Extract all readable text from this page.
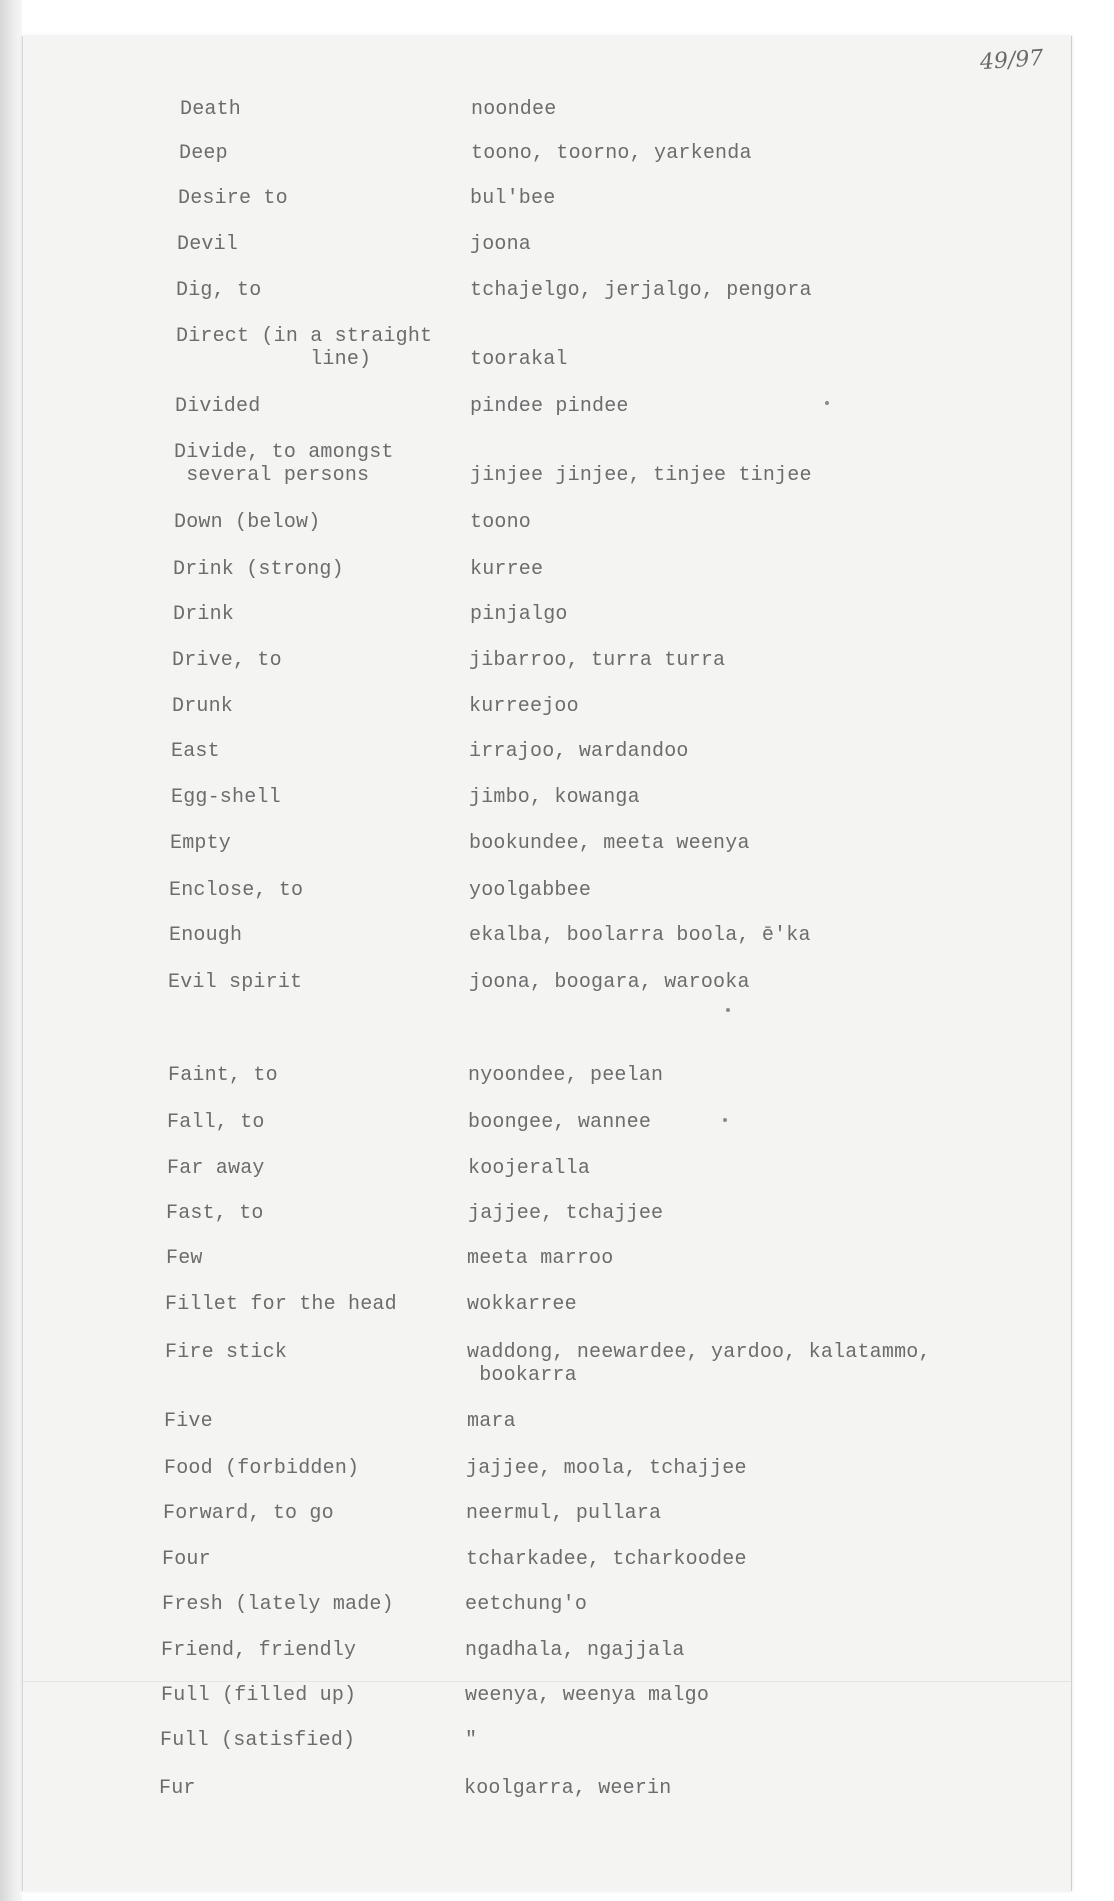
49/97
Death	noondee
Deep	toono, toorno, yarkenda
Desire to	bul'bee
Devil	joona
Dig, to	tchajelgo, jerjalgo, pengora
Direct (in a straight
line)	toorakal
Divided	pindee pindee
Divide, to amongst
several persons	jinjee jinjee, tinjee tinjee
Down (below)	toono
Drink (strong)	kurree
Drink	pinjalgo
Drive, to	jibarroo, turra turra
Drunk	kurreejoo
East	irrajoo, wardandoo
Egg-shell	jimbo, kowanga
Empty	bookundee, meeta weenya
Enclose, to	yoolgabbee
Enough	ekalba, boolarra boola, ē'ka
Evil spirit	joona, boogara, warooka
Faint, to	nyoondee, peelan
Fall, to	boongee, wannee
Far away	koojeralla
Fast, to	jajjee, tchajjee
Few	meeta marroo
Fillet for the head	wokkarree
Fire stick	waddong, neewardee, yardoo, kalatammo,
bookarra
Five	mara
Food (forbidden)	jajjee, moola, tchajjee
Forward, to go	neermul, pullara
Four	tcharkadee, tcharkoodee
Fresh (lately made)	eetchung'o
Friend, friendly	ngadhala, ngajjala
Full (filled up)	weenya, weenya malgo
Full (satisfied)	"
Fur	koolgarra, weerin
